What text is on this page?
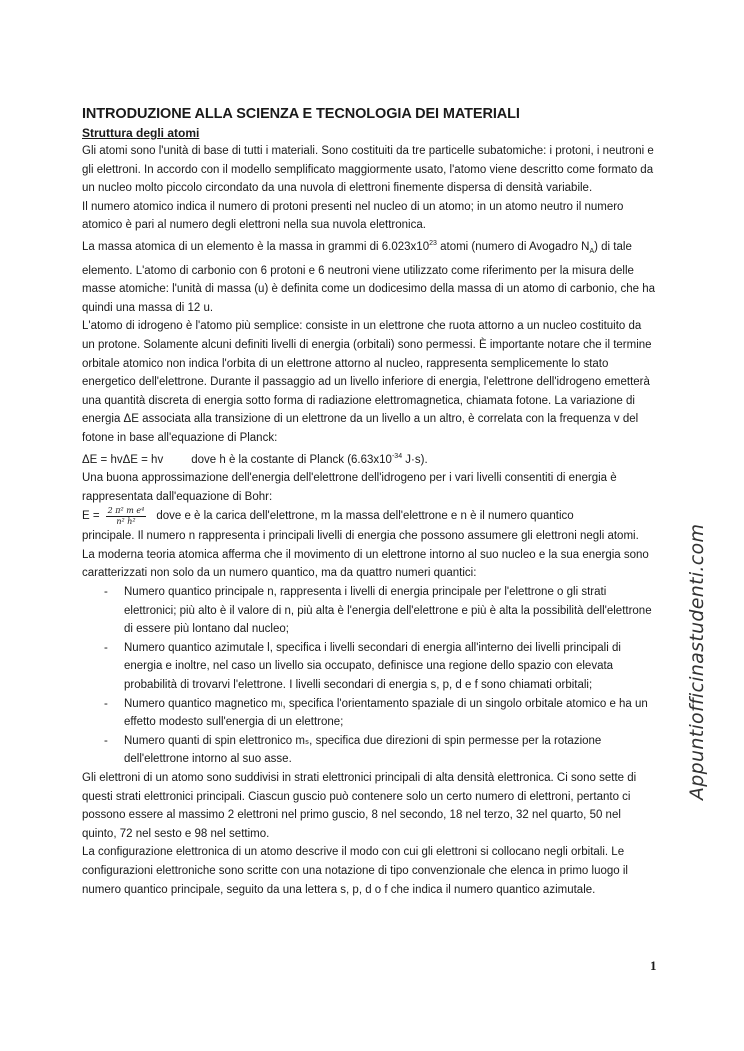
INTRODUZIONE ALLA SCIENZA E TECNOLOGIA DEI MATERIALI
Struttura degli atomi

Gli atomi sono l'unità di base di tutti i materiali. Sono costituiti da tre particelle subatomiche: i protoni, i neutroni e gli elettroni. In accordo con il modello semplificato maggiormente usato, l'atomo viene descritto come formato da un nucleo molto piccolo circondato da una nuvola di elettroni finemente dispersa di densità variabile.

Il numero atomico indica il numero di protoni presenti nel nucleo di un atomo; in un atomo neutro il numero atomico è pari al numero degli elettroni nella sua nuvola elettronica.

La massa atomica di un elemento è la massa in grammi di $6.023x10^{23}$ atomi (numero di Avogadro $N_A$) di tale elemento. L'atomo di carbonio con 6 protoni e 6 neutroni viene utilizzato come riferimento per la misura delle masse atomiche: l'unità di massa (u) è definita come un dodicesimo della massa di un atomo di carbonio, che ha quindi una massa di 12 u.

L'atomo di idrogeno è l'atomo più semplice: consiste in un elettrone che ruota attorno a un nucleo costituito da un protone. Solamente alcuni definiti livelli di energia (orbitali) sono permessi. È importante notare che il termine orbitale atomico non indica l'orbita di un elettrone attorno al nucleo, rappresenta semplicemente lo stato energetico dell'elettrone. Durante il passaggio ad un livello inferiore di energia, l'elettrone dell'idrogeno emetterà una quantità discreta di energia sotto forma di radiazione elettromagnetica, chiamata fotone. La variazione di energia ΔE associata alla transizione di un elettrone da un livello a un altro, è correlata con la frequenza v del fotone in base all'equazione di Planck:

ΔE = hvΔE = hv dove h è la costante di Planck ($6.63x10^{-34}$ J·s).

Una buona approssimazione dell'energia dell'elettrone dell'idrogeno per i vari livelli consentiti di energia è rappresentata dall'equazione di Bohr:

$E = \frac{\text{2 π² m e⁴}}{\text{n² h²}}$ dove e è la carica dell'elettrone, m la massa dell'elettrone e n è il numero quantico

principale. Il numero n rappresenta i principali livelli di energia che possono assumere gli elettroni negli atomi.

La moderna teoria atomica afferma che il movimento di un elettrone intorno al suo nucleo e la sua energia sono caratterizzati non solo da un numero quantico, ma da quattro numeri quantici:

- Numero quantico principale n, rappresenta i livelli di energia principale per l'elettrone o gli strati elettronici; più alto è il valore di n, più alta è l'energia dell'elettrone e più è alta la possibilità dell'elettrone di essere più lontano dal nucleo;
- Numero quantico azimutale l, specifica i livelli secondari di energia all'interno dei livelli principali di energia e inoltre, nel caso un livello sia occupato, definisce una regione dello spazio con elevata probabilità di trovarvi l'elettrone. I livelli secondari di energia s, p, d e f sono chiamati orbitali;
- Numero quantico magnetico mₗ, specifica l'orientamento spaziale di un singolo orbitale atomico e ha un effetto modesto sull'energia di un elettrone;
- Numero quanti di spin elettronico mₛ, specifica due direzioni di spin permesse per la rotazione dell'elettrone intorno al suo asse.

Gli elettroni di un atomo sono suddivisi in strati elettronici principali di alta densità elettronica. Ci sono sette di questi strati elettronici principali. Ciascun guscio può contenere solo un certo numero di elettroni, pertanto ci possono essere al massimo 2 elettroni nel primo guscio, 8 nel secondo, 18 nel terzo, 32 nel quarto, 50 nel quinto, 72 nel sesto e 98 nel settimo.

La configurazione elettronica di un atomo descrive il modo con cui gli elettroni si collocano negli orbitali. Le configurazioni elettroniche sono scritte con una notazione di tipo convenzionale che elenca in primo luogo il numero quantico principale, seguito da una lettera s, p, d o f che indica il numero quantico azimutale.

Appuntiofficinastudenti.com
1
